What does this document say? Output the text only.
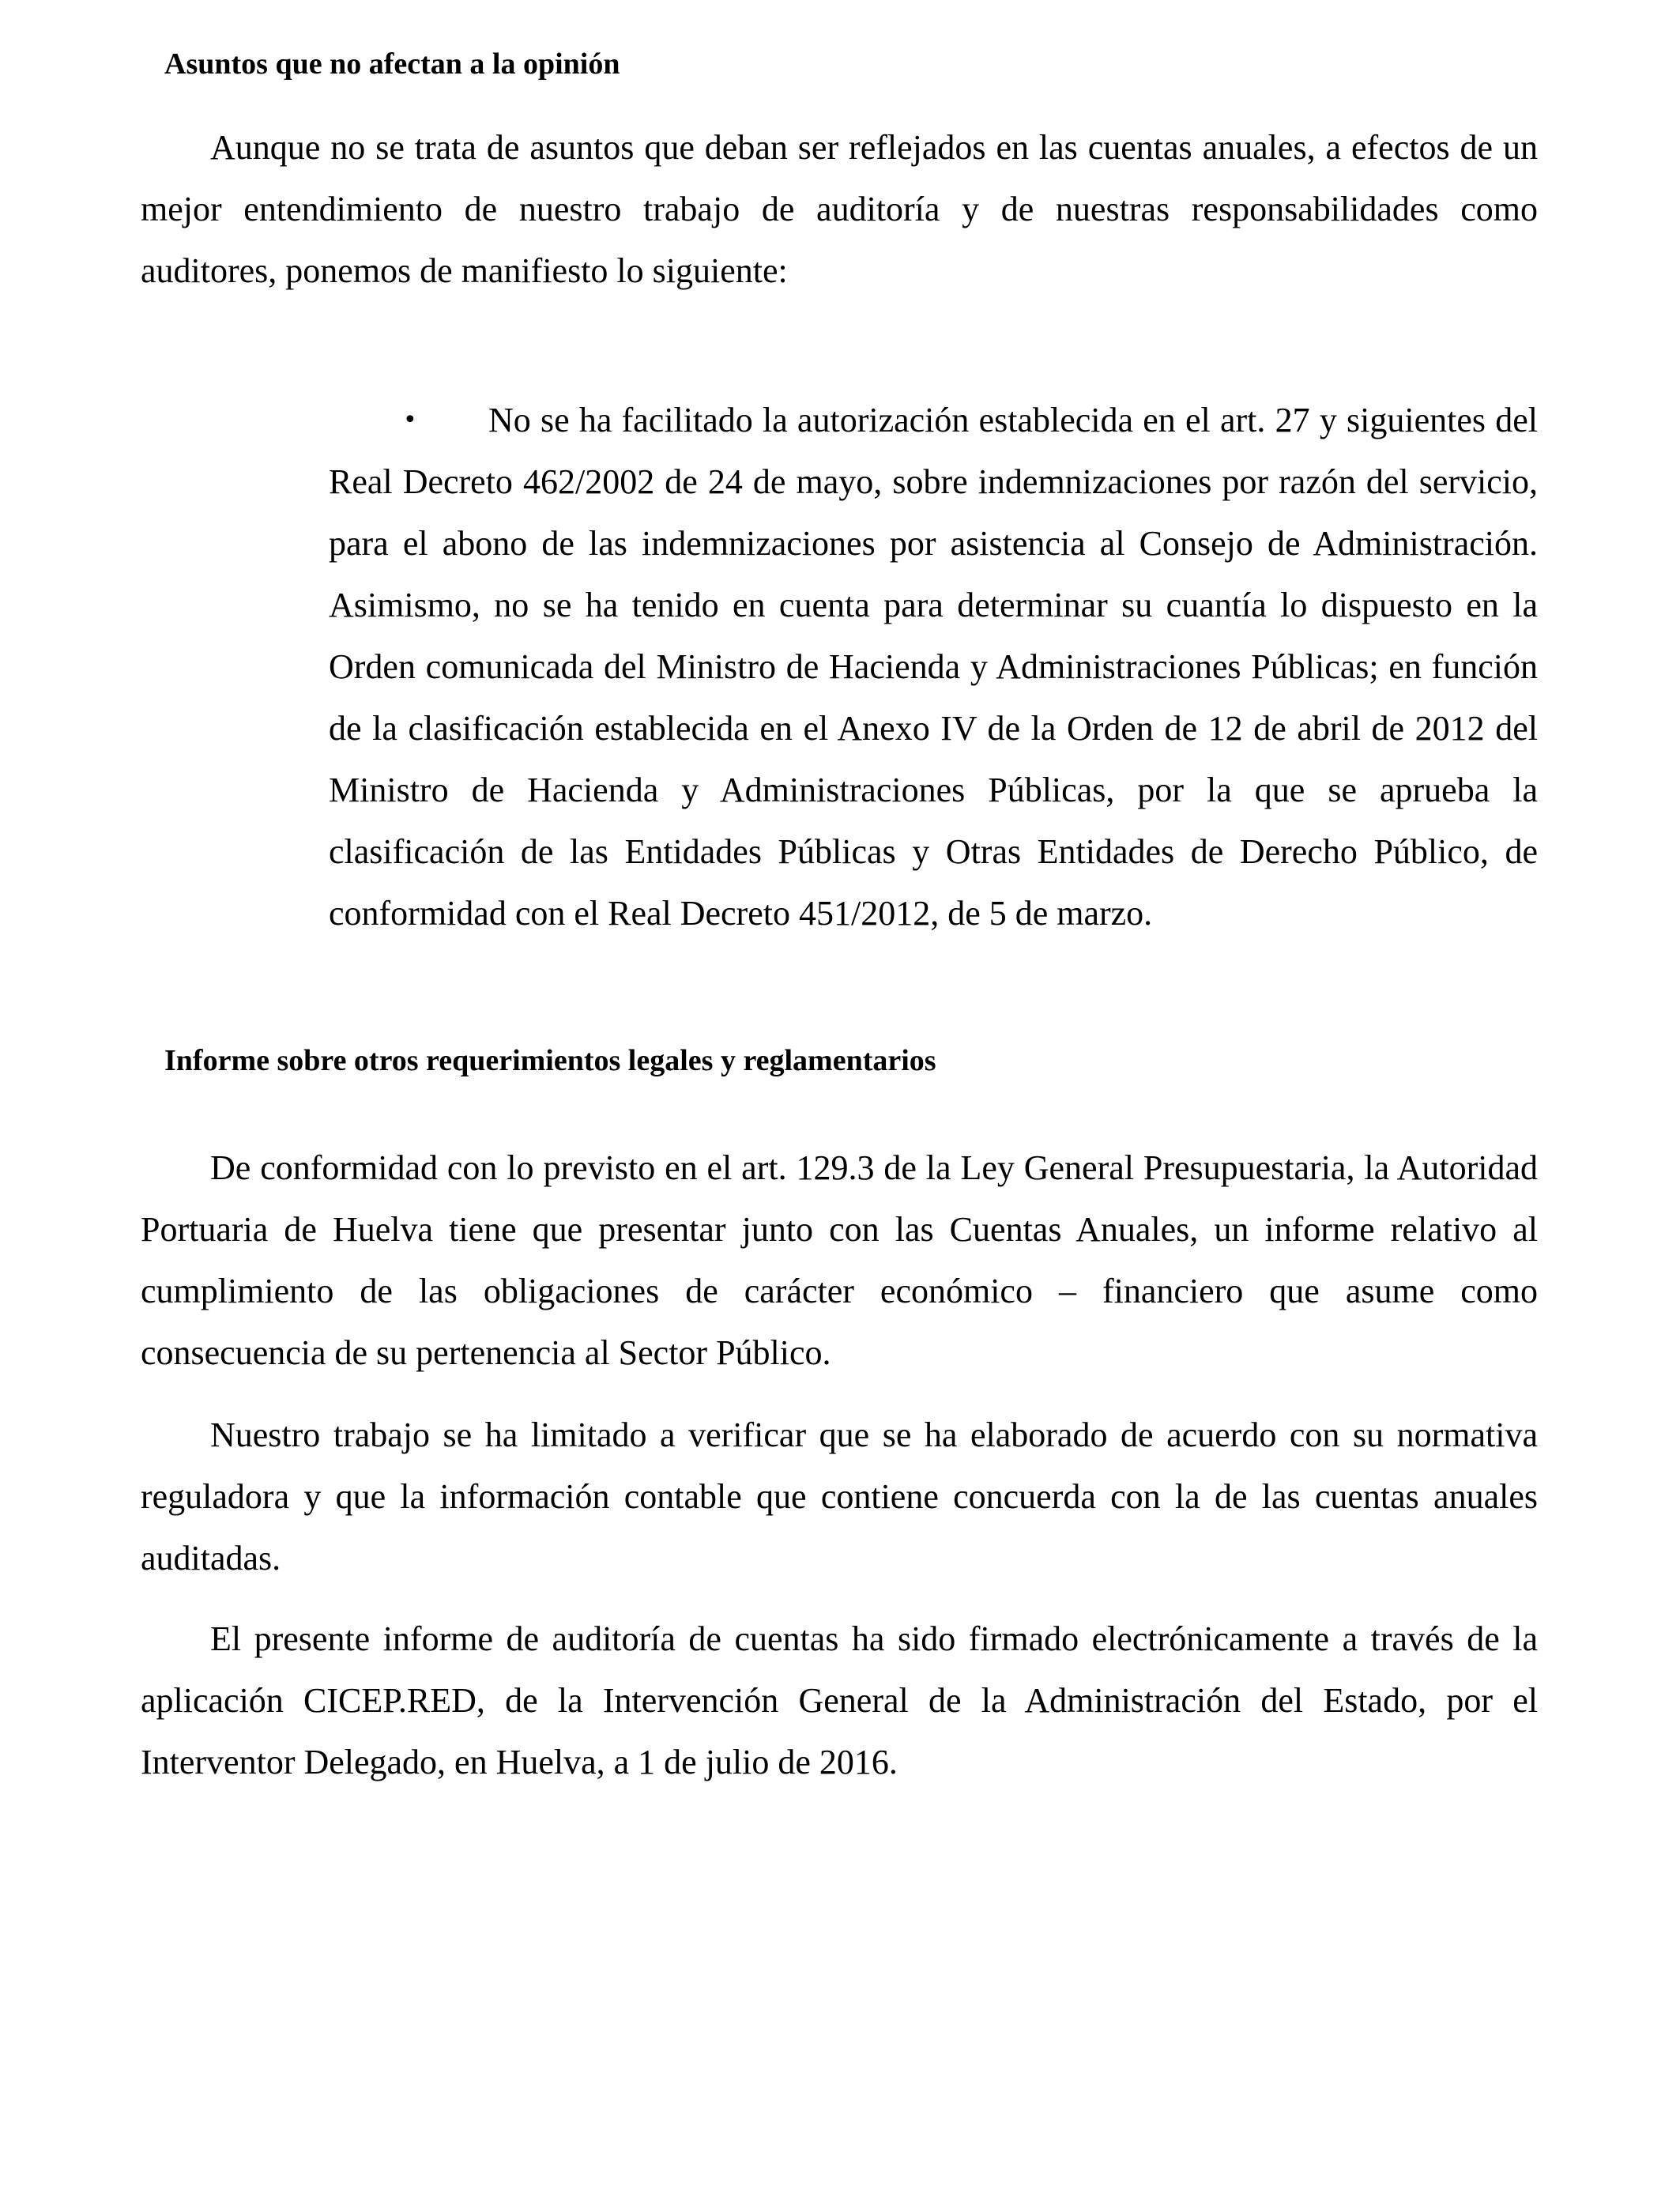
Asuntos que no afectan a la opinión

Aunque no se trata de asuntos que deban ser reflejados en las cuentas anuales, a efectos de un mejor entendimiento de nuestro trabajo de auditoría y de nuestras responsabilidades como auditores, ponemos de manifiesto lo siguiente:

•	No se ha facilitado la autorización establecida en el art. 27 y siguientes del Real Decreto 462/2002 de 24 de mayo, sobre indemnizaciones por razón del servicio, para el abono de las indemnizaciones por asistencia al Consejo de Administración. Asimismo, no se ha tenido en cuenta para determinar su cuantía lo dispuesto en la Orden comunicada del Ministro de Hacienda y Administraciones Públicas; en función de la clasificación establecida en el Anexo IV de la Orden de 12 de abril de 2012 del Ministro de Hacienda y Administraciones Públicas, por la que se aprueba la clasificación de las Entidades Públicas y Otras Entidades de Derecho Público, de conformidad con el Real Decreto 451/2012, de 5 de marzo.

Informe sobre otros requerimientos legales y reglamentarios

De conformidad con lo previsto en el art. 129.3 de la Ley General Presupuestaria, la Autoridad Portuaria de Huelva tiene que presentar junto con las Cuentas Anuales, un informe relativo al cumplimiento de las obligaciones de carácter económico – financiero que asume como consecuencia de su pertenencia al Sector Público.

Nuestro trabajo se ha limitado a verificar que se ha elaborado de acuerdo con su normativa reguladora y que la información contable que contiene concuerda con la de las cuentas anuales auditadas.

El presente informe de auditoría de cuentas ha sido firmado electrónicamente a través de la aplicación CICEP.RED, de la Intervención General de la Administración del Estado, por el Interventor Delegado, en Huelva, a 1 de julio de 2016.
